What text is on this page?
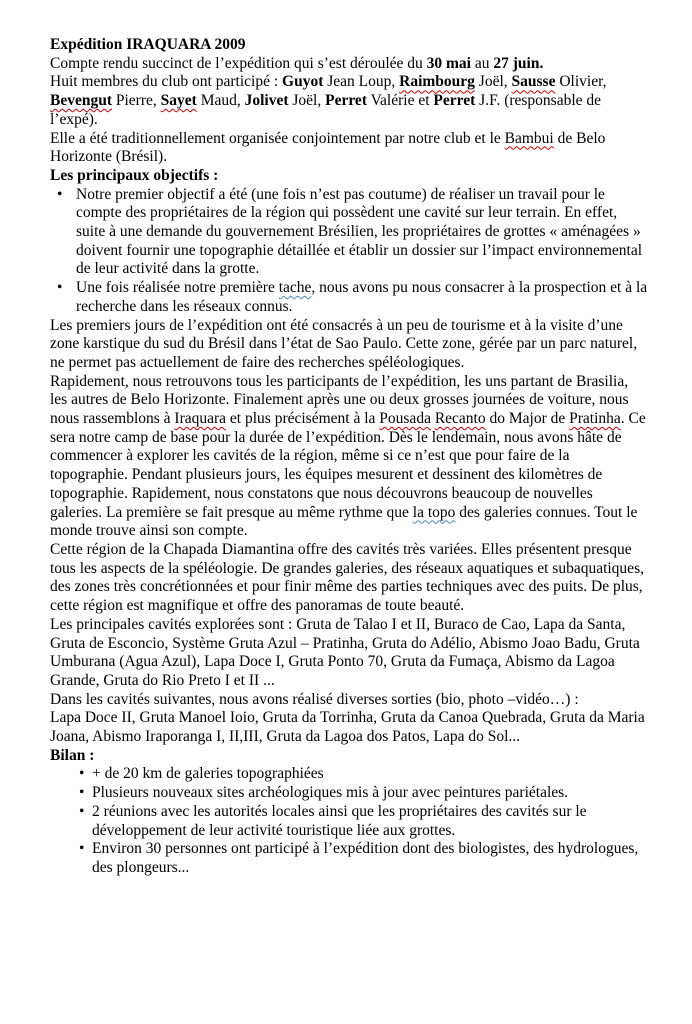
Expédition IRAQUARA 2009

Compte rendu succinct de l’expédition qui s’est déroulée du 30 mai au 27 juin.
Huit membres du club ont participé : Guyot Jean Loup, Raimbourg Joël, Sausse Olivier, Bevengut Pierre, Sayet Maud, Jolivet Joël, Perret Valérie et Perret J.F. (responsable de l’expé).

Elle a été traditionnellement organisée conjointement par notre club et le Bambui de Belo Horizonte (Brésil).

Les principaux objectifs :

• Notre premier objectif a été (une fois n’est pas coutume) de réaliser un travail pour le compte des propriétaires de la région qui possèdent une cavité sur leur terrain. En effet, suite à une demande du gouvernement Brésilien, les propriétaires de grottes « aménagées » doivent fournir une topographie détaillée et établir un dossier sur l’impact environnemental de leur activité dans la grotte.
• Une fois réalisée notre première tache, nous avons pu nous consacrer à la prospection et à la recherche dans les réseaux connus.

Les premiers jours de l’expédition ont été consacrés à un peu de tourisme et à la visite d’une zone karstique du sud du Brésil dans l’état de Sao Paulo. Cette zone, gérée par un parc naturel, ne permet pas actuellement de faire des recherches spéléologiques.

Rapidement, nous retrouvons tous les participants de l’expédition, les uns partant de Brasilia, les autres de Belo Horizonte. Finalement après une ou deux grosses journées de voiture, nous nous rassemblons à Iraquara et plus précisément à la Pousada Recanto do Major de Pratinha. Ce sera notre camp de base pour la durée de l’expédition. Dès le lendemain, nous avons hâte de commencer à explorer les cavités de la région, même si ce n’est que pour faire de la topographie. Pendant plusieurs jours, les équipes mesurent et dessinent des kilomètres de topographie. Rapidement, nous constatons que nous découvrons beaucoup de nouvelles galeries. La première se fait presque au même rythme que la topo des galeries connues. Tout le monde trouve ainsi son compte.

Cette région de la Chapada Diamantina offre des cavités très variées. Elles présentent presque tous les aspects de la spéléologie. De grandes galeries, des réseaux aquatiques et subaquatiques, des zones très concrétionnées et pour finir même des parties techniques avec des puits. De plus, cette région est magnifique et offre des panoramas de toute beauté.

Les principales cavités explorées sont : Gruta de Talao I et II, Buraco de Cao, Lapa da Santa, Gruta de Esconcio, Système Gruta Azul – Pratinha, Gruta do Adélio, Abismo Joao Badu, Gruta Umburana (Agua Azul), Lapa Doce I, Gruta Ponto 70, Gruta da Fumaça, Abismo da Lagoa Grande, Gruta do Rio Preto I et II ...

Dans les cavités suivantes, nous avons réalisé diverses sorties (bio, photo –vidéo…) :

Lapa Doce II, Gruta Manoel Ioio, Gruta da Torrinha, Gruta da Canoa Quebrada, Gruta da Maria Joana, Abismo Iraporanga I, II,III, Gruta da Lagoa dos Patos, Lapa do Sol...

Bilan :

• + de 20 km de galeries topographiées
• Plusieurs nouveaux sites archéologiques mis à jour avec peintures pariétales.
• 2 réunions avec les autorités locales ainsi que les propriétaires des cavités sur le développement de leur activité touristique liée aux grottes.
• Environ 30 personnes ont participé à l’expédition dont des biologistes, des hydrologues, des plongeurs...
